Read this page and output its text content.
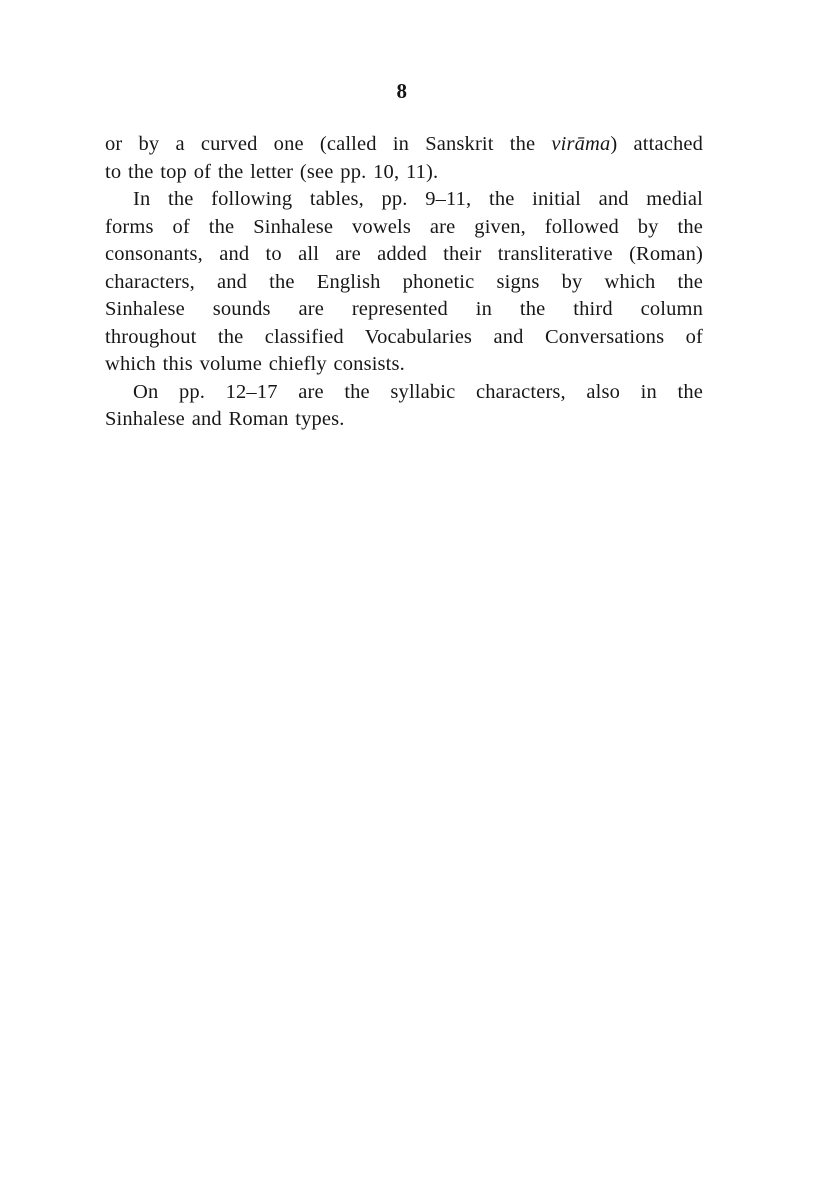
8
or by a curved one (called in Sanskrit the virāma) attached
to the top of the letter (see pp. 10, 11).
In the following tables, pp. 9–11, the initial and medial
forms of the Sinhalese vowels are given, followed by the
consonants, and to all are added their transliterative (Roman)
characters, and the English phonetic signs by which the
Sinhalese sounds are represented in the third column
throughout the classified Vocabularies and Conversations of
which this volume chiefly consists.
On pp. 12–17 are the syllabic characters, also in the
Sinhalese and Roman types.
